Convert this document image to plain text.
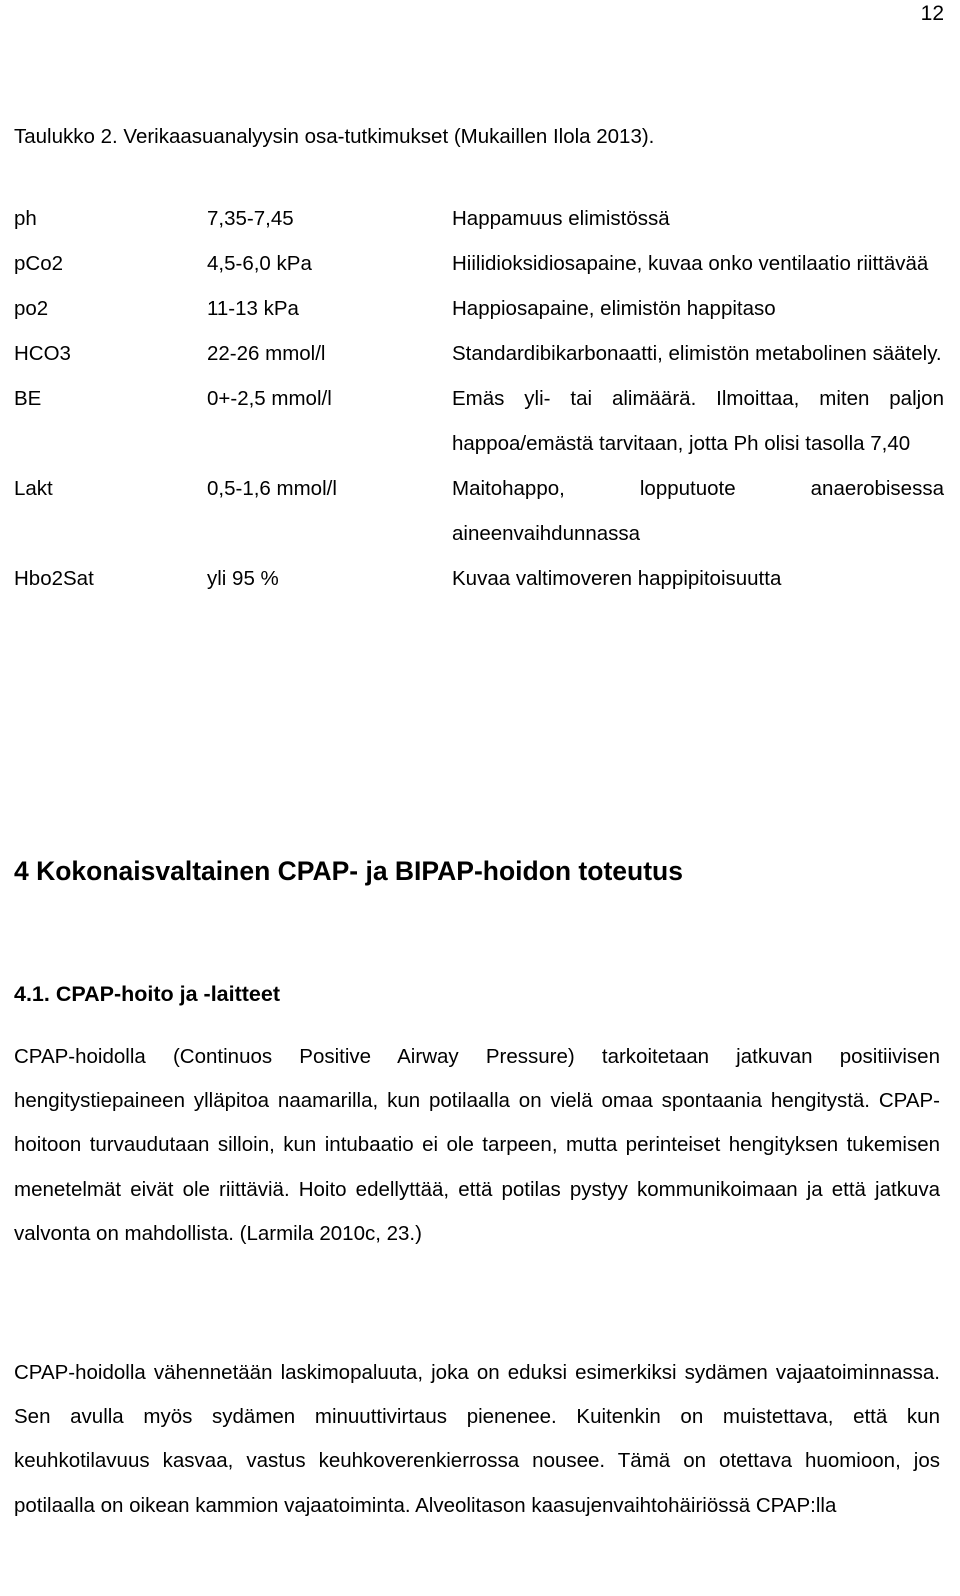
12
Taulukko 2. Verikaasuanalyysin osa-tutkimukset (Mukaillen Ilola 2013).
ph	7,35-7,45	Happamuus elimistössä
pCo2	4,5-6,0 kPa	Hiilidioksidiosapaine, kuvaa onko ventilaatio riittävää
po2	11-13 kPa	Happiosapaine, elimistön happitaso
HCO3	22-26 mmol/l	Standardibikarbonaatti, elimistön metabolinen säätely.
BE	0+-2,5 mmol/l	Emäs yli- tai alimäärä. Ilmoittaa, miten paljon happoa/emästä tarvitaan, jotta Ph olisi tasolla 7,40
Lakt	0,5-1,6 mmol/l	Maitohappo, lopputuote anaerobisessa aineenvaihdunnassa
Hbo2Sat	yli 95 %	Kuvaa valtimoveren happipitoisuutta
4 Kokonaisvaltainen CPAP- ja BIPAP-hoidon toteutus
4.1. CPAP-hoito ja -laitteet

CPAP-hoidolla (Continuos Positive Airway Pressure) tarkoitetaan jatkuvan positiivisen hengitystiepaineen ylläpitoa naamarilla, kun potilaalla on vielä omaa spontaania hengitystä. CPAP-hoitoon turvaudutaan silloin, kun intubaatio ei ole tarpeen, mutta perinteiset hengityksen tukemisen menetelmät eivät ole riittäviä. Hoito edellyttää, että potilas pystyy kommunikoimaan ja että jatkuva valvonta on mahdollista. (Larmila 2010c, 23.)

CPAP-hoidolla vähennetään laskimopaluuta, joka on eduksi esimerkiksi sydämen vajaatoiminnassa. Sen avulla myös sydämen minuuttivirtaus pienenee. Kuitenkin on muistettava, että kun keuhkotilavuus kasvaa, vastus keuhkoverenkierrossa nousee. Tämä on otettava huomioon, jos potilaalla on oikean kammion vajaatoiminta. Alveolitason kaasujenvaihtohäiriössä CPAP:lla
